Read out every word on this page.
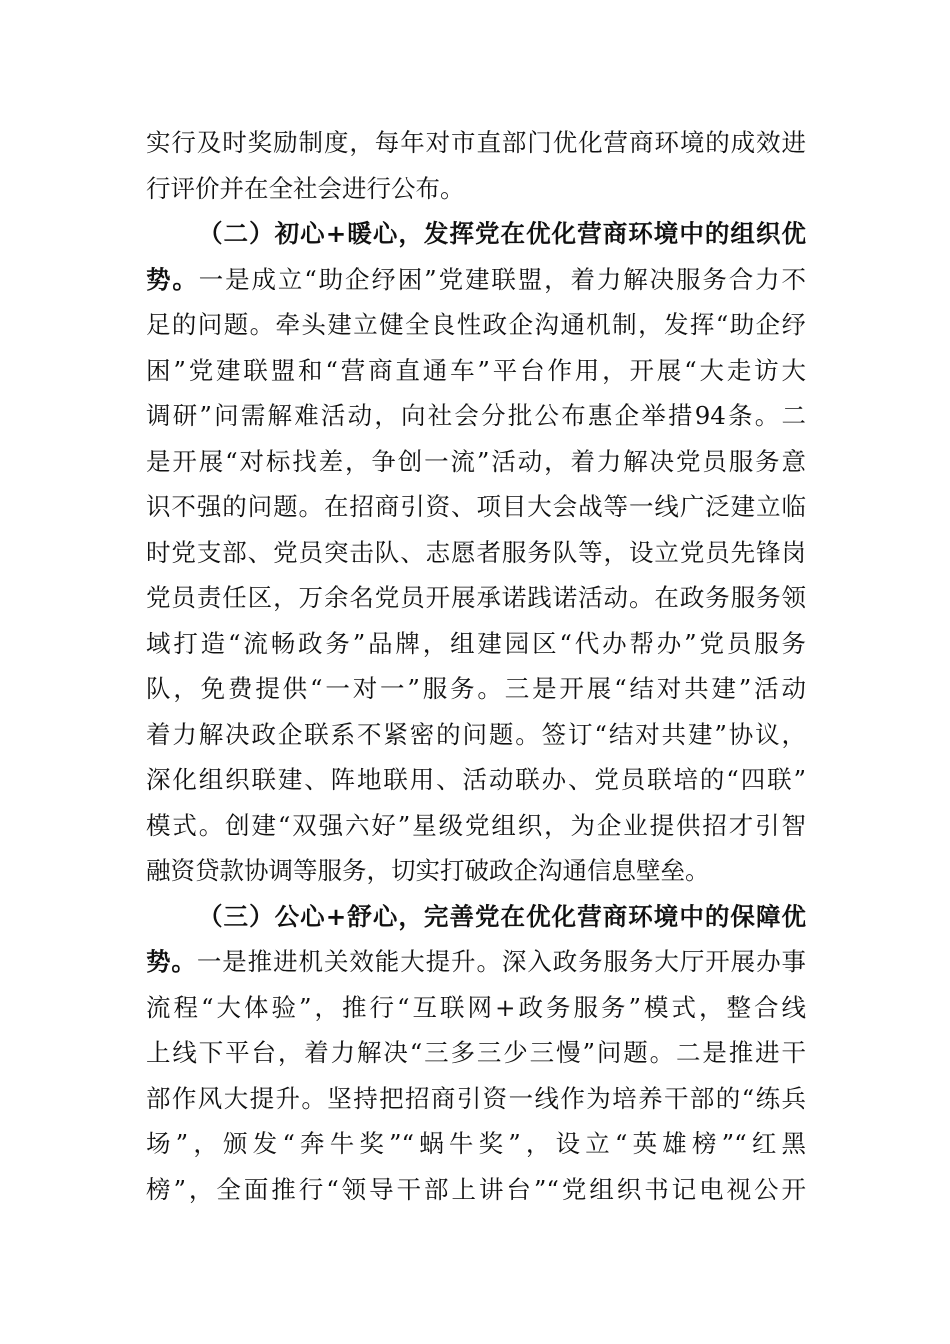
实行及时奖励制度，每年对市直部门优化营商环境的成效进
行评价并在全社会进行公布。
（二）初心+暖心，发挥党在优化营商环境中的组织优
势。一是成立“助企纾困”党建联盟，着力解决服务合力不
足的问题。牵头建立健全良性政企沟通机制，发挥“助企纾
困”党建联盟和“营商直通车”平台作用，开展“大走访大
调研”问需解难活动，向社会分批公布惠企举措94条。二
是开展“对标找差，争创一流”活动，着力解决党员服务意
识不强的问题。在招商引资、项目大会战等一线广泛建立临
时党支部、党员突击队、志愿者服务队等，设立党员先锋岗
党员责任区，万余名党员开展承诺践诺活动。在政务服务领
域打造“流畅政务”品牌，组建园区“代办帮办”党员服务
队，免费提供“一对一”服务。三是开展“结对共建”活动
着力解决政企联系不紧密的问题。签订“结对共建”协议，
深化组织联建、阵地联用、活动联办、党员联培的“四联”
模式。创建“双强六好”星级党组织，为企业提供招才引智
融资贷款协调等服务，切实打破政企沟通信息壁垒。
（三）公心+舒心，完善党在优化营商环境中的保障优
势。一是推进机关效能大提升。深入政务服务大厅开展办事
流程“大体验”，推行“互联网+政务服务”模式，整合线
上线下平台，着力解决“三多三少三慢”问题。二是推进干
部作风大提升。坚持把招商引资一线作为培养干部的“练兵
场”，颁发“奔牛奖”“蜗牛奖”，设立“英雄榜”“红黑
榜”，全面推行“领导干部上讲台”“党组织书记电视公开
